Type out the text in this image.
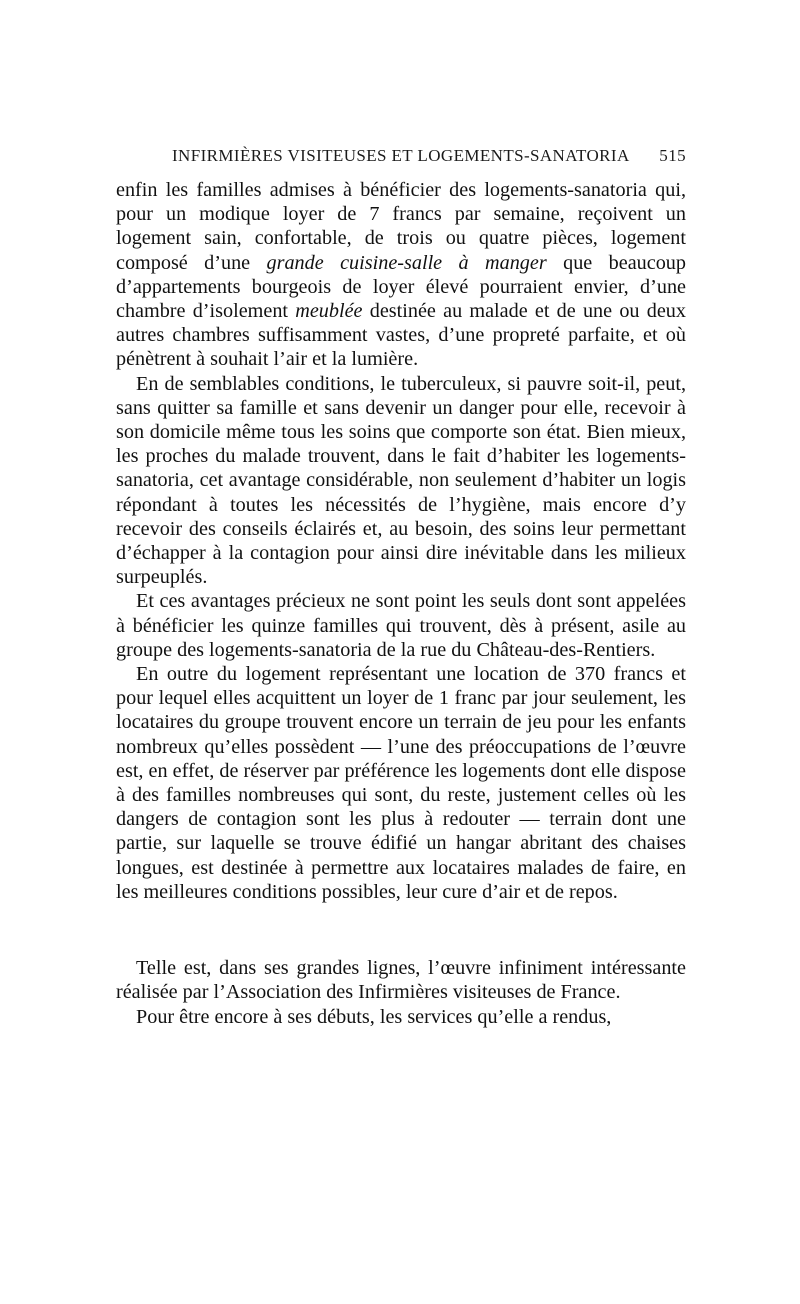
INFIRMIÈRES VISITEUSES ET LOGEMENTS-SANATORIA 515

enfin les familles admises à bénéficier des logements-sanatoria qui, pour un modique loyer de 7 francs par semaine, reçoivent un logement sain, confortable, de trois ou quatre pièces, logement composé d’une grande cuisine-salle à manger que beaucoup d’appartements bourgeois de loyer élevé pourraient envier, d’une chambre d’isolement meublée destinée au malade et de une ou deux autres chambres suffisamment vastes, d’une propreté parfaite, et où pénètrent à souhait l’air et la lumière.

En de semblables conditions, le tuberculeux, si pauvre soit-il, peut, sans quitter sa famille et sans devenir un danger pour elle, recevoir à son domicile même tous les soins que comporte son état. Bien mieux, les proches du malade trouvent, dans le fait d’habiter les logements-sanatoria, cet avantage considérable, non seulement d’habiter un logis répondant à toutes les nécessités de l’hygiène, mais encore d’y recevoir des conseils éclairés et, au besoin, des soins leur permettant d’échapper à la contagion pour ainsi dire inévitable dans les milieux surpeuplés.

Et ces avantages précieux ne sont point les seuls dont sont appelées à bénéficier les quinze familles qui trouvent, dès à présent, asile au groupe des logements-sanatoria de la rue du Château-des-Rentiers.

En outre du logement représentant une location de 370 francs et pour lequel elles acquittent un loyer de 1 franc par jour seulement, les locataires du groupe trouvent encore un terrain de jeu pour les enfants nombreux qu’elles possèdent — l’une des préoccupations de l’œuvre est, en effet, de réserver par préférence les logements dont elle dispose à des familles nombreuses qui sont, du reste, justement celles où les dangers de contagion sont les plus à redouter — terrain dont une partie, sur laquelle se trouve édifié un hangar abritant des chaises longues, est destinée à permettre aux locataires malades de faire, en les meilleures conditions possibles, leur cure d’air et de repos.

Telle est, dans ses grandes lignes, l’œuvre infiniment intéressante réalisée par l’Association des Infirmières visiteuses de France.

Pour être encore à ses débuts, les services qu’elle a rendus,
